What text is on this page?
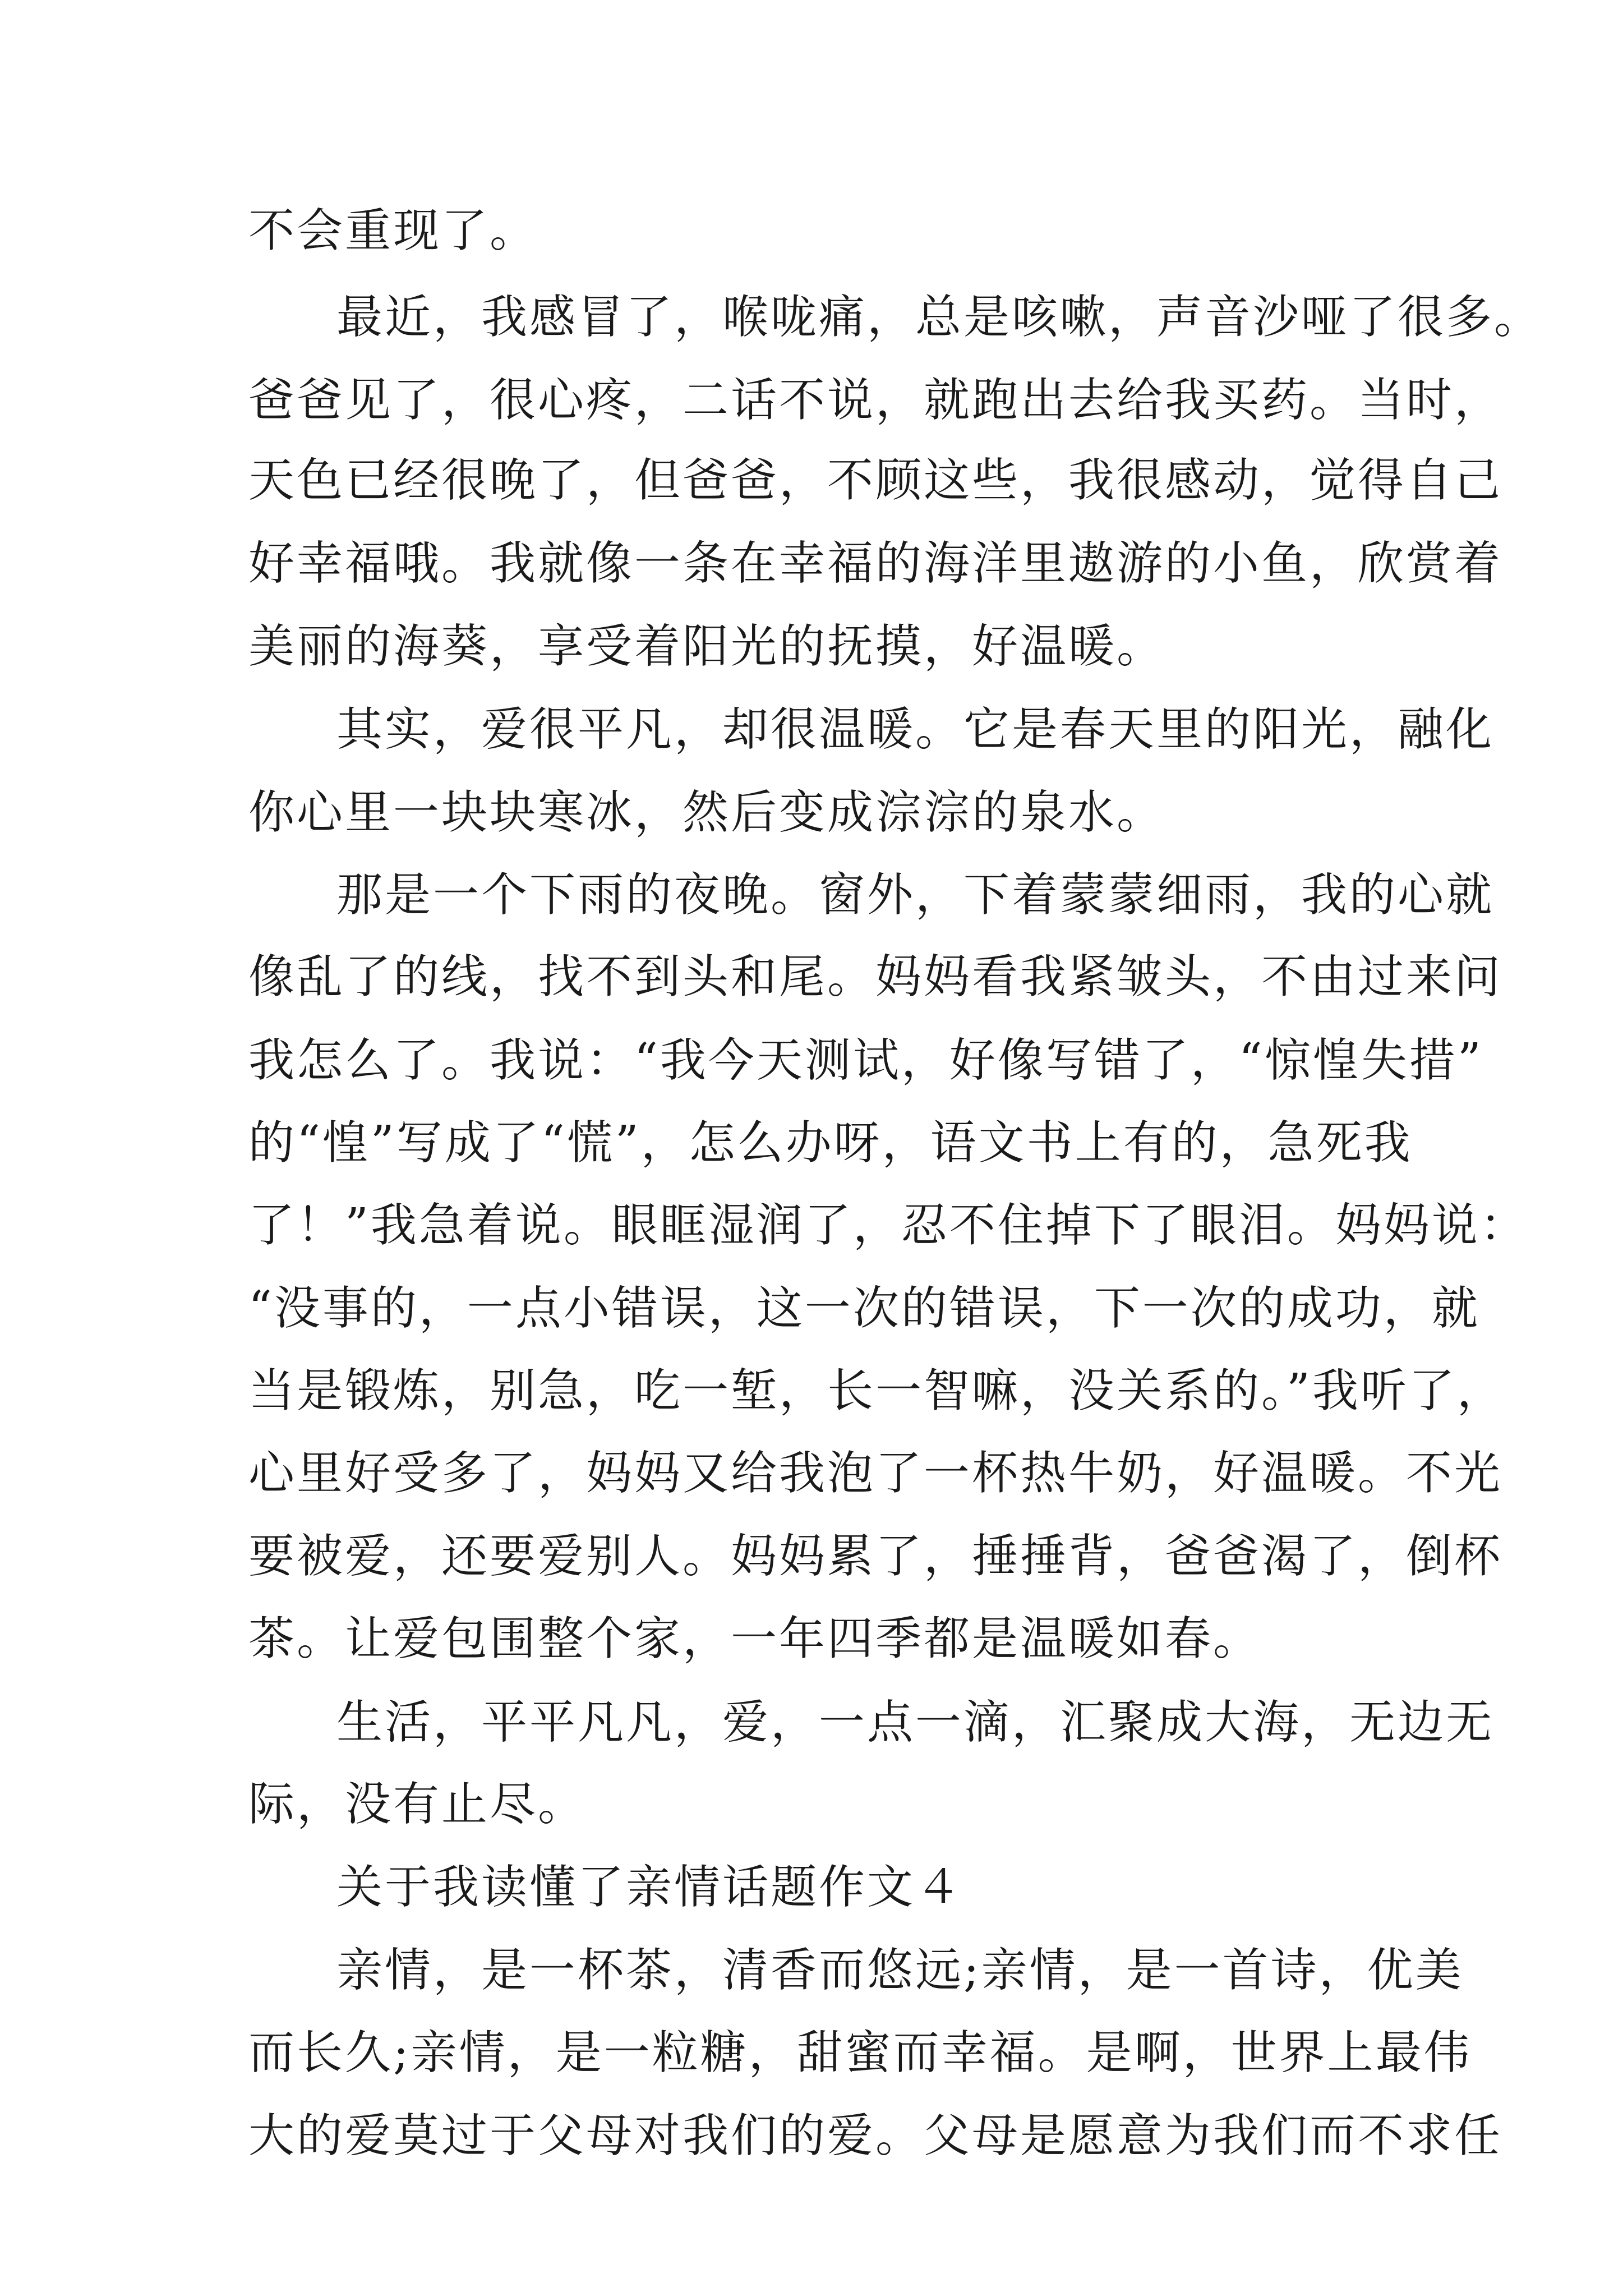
不会重现了。
最近，我感冒了，喉咙痛，总是咳嗽，声音沙哑了很多。
爸爸见了，很心疼，二话不说，就跑出去给我买药。当时，
天色已经很晚了，但爸爸，不顾这些，我很感动，觉得自己
好幸福哦。我就像一条在幸福的海洋里遨游的小鱼，欣赏着
美丽的海葵，享受着阳光的抚摸，好温暖。
其实，爱很平凡，却很温暖。它是春天里的阳光，融化
你心里一块块寒冰，然后变成淙淙的泉水。
那是一个下雨的夜晚。窗外，下着蒙蒙细雨，我的心就
像乱了的线，找不到头和尾。妈妈看我紧皱头，不由过来问
我怎么了。我说：“我今天测试，好像写错了，“惊惶失措”
的“惶”写成了“慌”，怎么办呀，语文书上有的，急死我
了！”我急着说。眼眶湿润了，忍不住掉下了眼泪。妈妈说：
“没事的，一点小错误，这一次的错误，下一次的成功，就
当是锻炼，别急，吃一堑，长一智嘛，没关系的。”我听了，
心里好受多了，妈妈又给我泡了一杯热牛奶，好温暖。不光
要被爱，还要爱别人。妈妈累了，捶捶背，爸爸渴了，倒杯
茶。让爱包围整个家，一年四季都是温暖如春。
生活，平平凡凡，爱，一点一滴，汇聚成大海，无边无
际，没有止尽。
关于我读懂了亲情话题作文４
亲情，是一杯茶，清香而悠远;亲情，是一首诗，优美
而长久;亲情，是一粒糖，甜蜜而幸福。是啊，世界上最伟
大的爱莫过于父母对我们的爱。父母是愿意为我们而不求任
